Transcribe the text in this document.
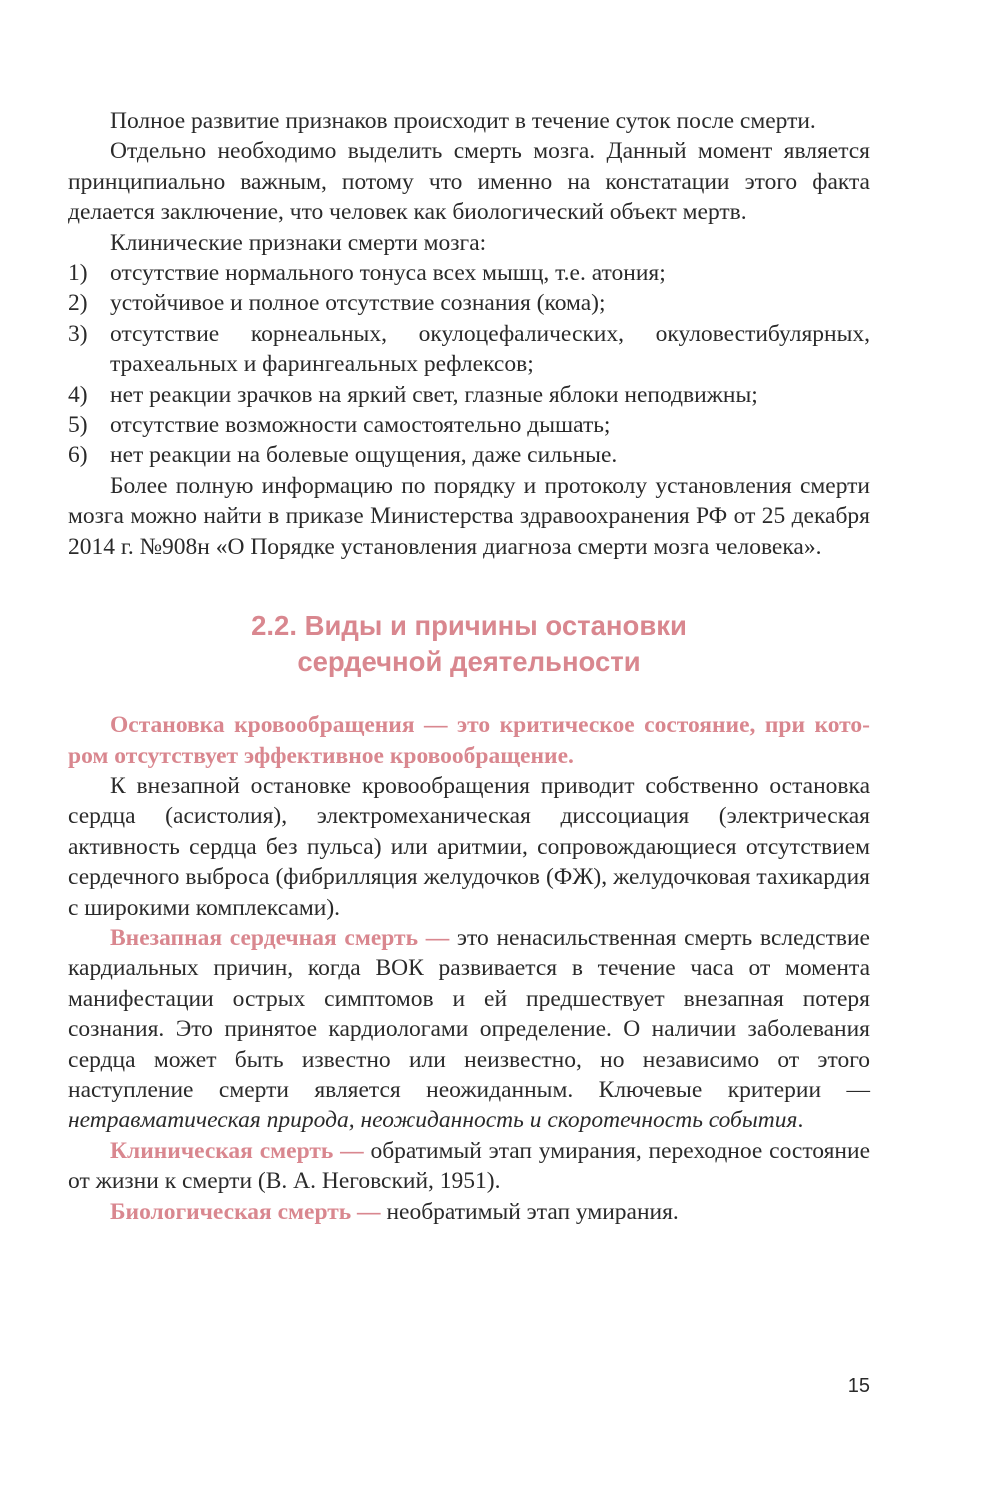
Полное развитие признаков происходит в течение суток после смерти.

Отдельно необходимо выделить смерть мозга. Данный момент является принципиально важным, потому что именно на констатации этого факта делается заключение, что человек как биологический объект мертв.

Клинические признаки смерти мозга:

1) отсутствие нормального тонуса всех мышц, т.е. атония;
2) устойчивое и полное отсутствие сознания (кома);
3) отсутствие корнеальных, окулоцефалических, окуловестибулярных, трахеальных и фарингеальных рефлексов;
4) нет реакции зрачков на яркий свет, глазные яблоки неподвижны;
5) отсутствие возможности самостоятельно дышать;
6) нет реакции на болевые ощущения, даже сильные.

Более полную информацию по порядку и протоколу установления смерти мозга можно найти в приказе Министерства здравоохранения РФ от 25 декабря 2014 г. №908н «О Порядке установления диагноза смерти мозга человека».

2.2. Виды и причины остановки
сердечной деятельности

Остановка кровообращения — это критическое состояние, при котором отсутствует эффективное кровообращение.

К внезапной остановке кровообращения приводит собственно остановка сердца (асистолия), электромеханическая диссоциация (электрическая активность сердца без пульса) или аритмии, сопровождающиеся отсутствием сердечного выброса (фибрилляция желудочков (ФЖ), желудочковая тахикардия с широкими комплексами).

Внезапная сердечная смерть — это ненасильственная смерть вследствие кардиальных причин, когда ВОК развивается в течение часа от момента манифестации острых симптомов и ей предшествует внезапная потеря сознания. Это принятое кардиологами определение. О наличии заболевания сердца может быть известно или неизвестно, но независимо от этого наступление смерти является неожиданным. Ключевые критерии — нетравматическая природа, неожиданность и скоротечность события.

Клиническая смерть — обратимый этап умирания, переходное состояние от жизни к смерти (В. А. Неговский, 1951).

Биологическая смерть — необратимый этап умирания.

15
